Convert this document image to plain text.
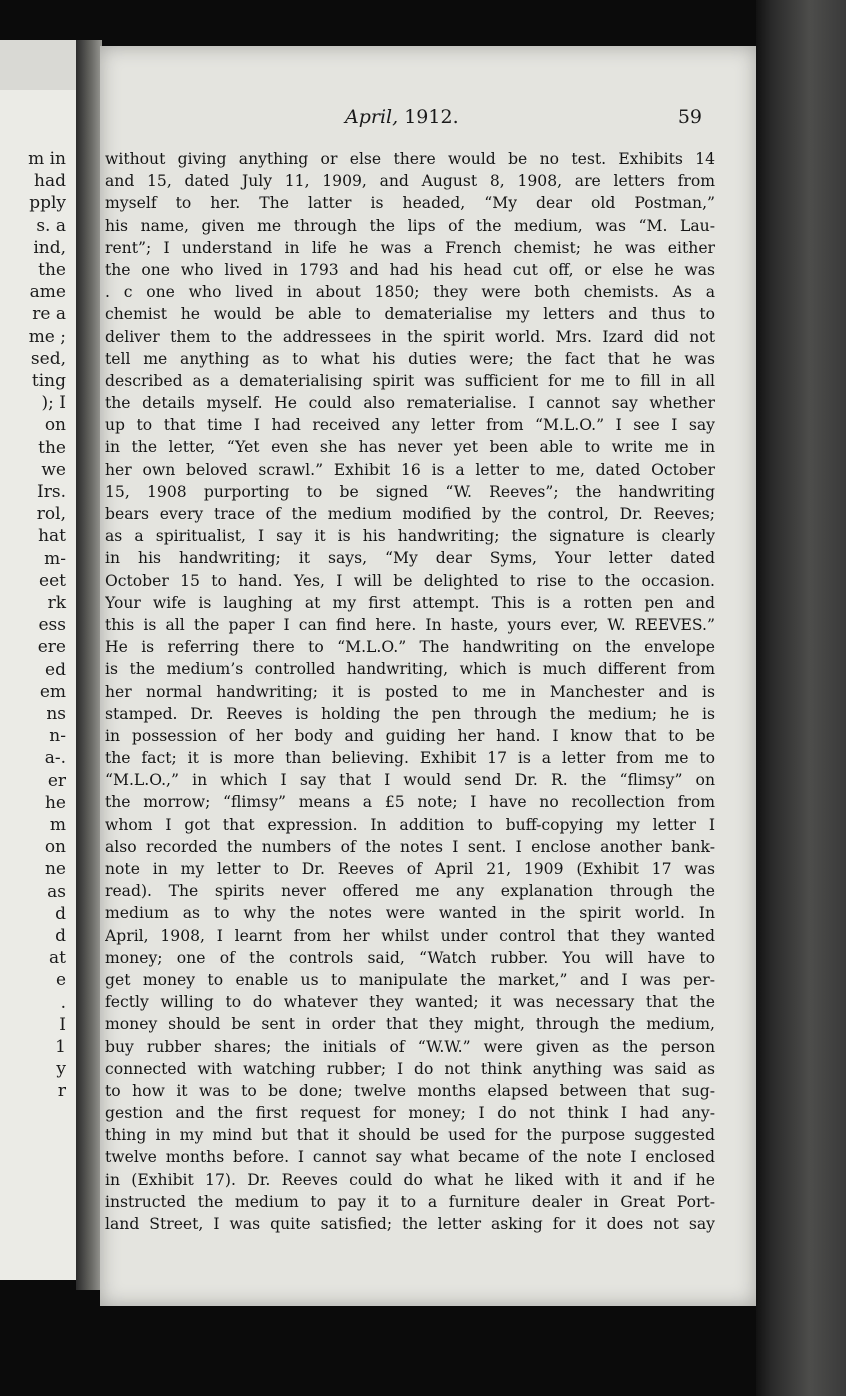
m in
had
pply
s. a
ind,
the
ame
re a
me ;
sed,
ting
); I
on
the
we
Irs.
rol,
hat
m-
eet
rk
ess
ere
ed
em
ns
n-
a-.
er
he
m
on
ne
as
d
d
at
e
.
I
1
y
r
April, 1912.	59
without giving anything or else there would be no test. Exhibits 14
and 15, dated July 11, 1909, and August 8, 1908, are letters from
myself to her. The latter is headed, “My dear old Postman,”
his name, given me through the lips of the medium, was “M. Lau-
rent”; I understand in life he was a French chemist; he was either
the one who lived in 1793 and had his head cut off, or else he was
. c one who lived in about 1850; they were both chemists. As a
chemist he would be able to dematerialise my letters and thus to
deliver them to the addressees in the spirit world. Mrs. Izard did not
tell me anything as to what his duties were; the fact that he was
described as a dematerialising spirit was sufficient for me to fill in all
the details myself. He could also rematerialise. I cannot say whether
up to that time I had received any letter from “M.L.O.” I see I say
in the letter, “Yet even she has never yet been able to write me in
her own beloved scrawl.” Exhibit 16 is a letter to me, dated October
15, 1908 purporting to be signed “W. Reeves”; the handwriting
bears every trace of the medium modified by the control, Dr. Reeves;
as a spiritualist, I say it is his handwriting; the signature is clearly
in his handwriting; it says, “My dear Syms, Your letter dated
October 15 to hand. Yes, I will be delighted to rise to the occasion.
Your wife is laughing at my first attempt. This is a rotten pen and
this is all the paper I can find here. In haste, yours ever, W. REEVES.”
He is referring there to “M.L.O.” The handwriting on the envelope
is the medium’s controlled handwriting, which is much different from
her normal handwriting; it is posted to me in Manchester and is
stamped. Dr. Reeves is holding the pen through the medium; he is
in possession of her body and guiding her hand. I know that to be
the fact; it is more than believing. Exhibit 17 is a letter from me to
“M.L.O.,” in which I say that I would send Dr. R. the “flimsy” on
the morrow; “flimsy” means a £5 note; I have no recollection from
whom I got that expression. In addition to buff-copying my letter I
also recorded the numbers of the notes I sent. I enclose another bank-
note in my letter to Dr. Reeves of April 21, 1909 (Exhibit 17 was
read). The spirits never offered me any explanation through the
medium as to why the notes were wanted in the spirit world. In
April, 1908, I learnt from her whilst under control that they wanted
money; one of the controls said, “Watch rubber. You will have to
get money to enable us to manipulate the market,” and I was per-
fectly willing to do whatever they wanted; it was necessary that the
money should be sent in order that they might, through the medium,
buy rubber shares; the initials of “W.W.” were given as the person
connected with watching rubber; I do not think anything was said as
to how it was to be done; twelve months elapsed between that sug-
gestion and the first request for money; I do not think I had any-
thing in my mind but that it should be used for the purpose suggested
twelve months before. I cannot say what became of the note I enclosed
in (Exhibit 17). Dr. Reeves could do what he liked with it and if he
instructed the medium to pay it to a furniture dealer in Great Port-
land Street, I was quite satisfied; the letter asking for it does not say
